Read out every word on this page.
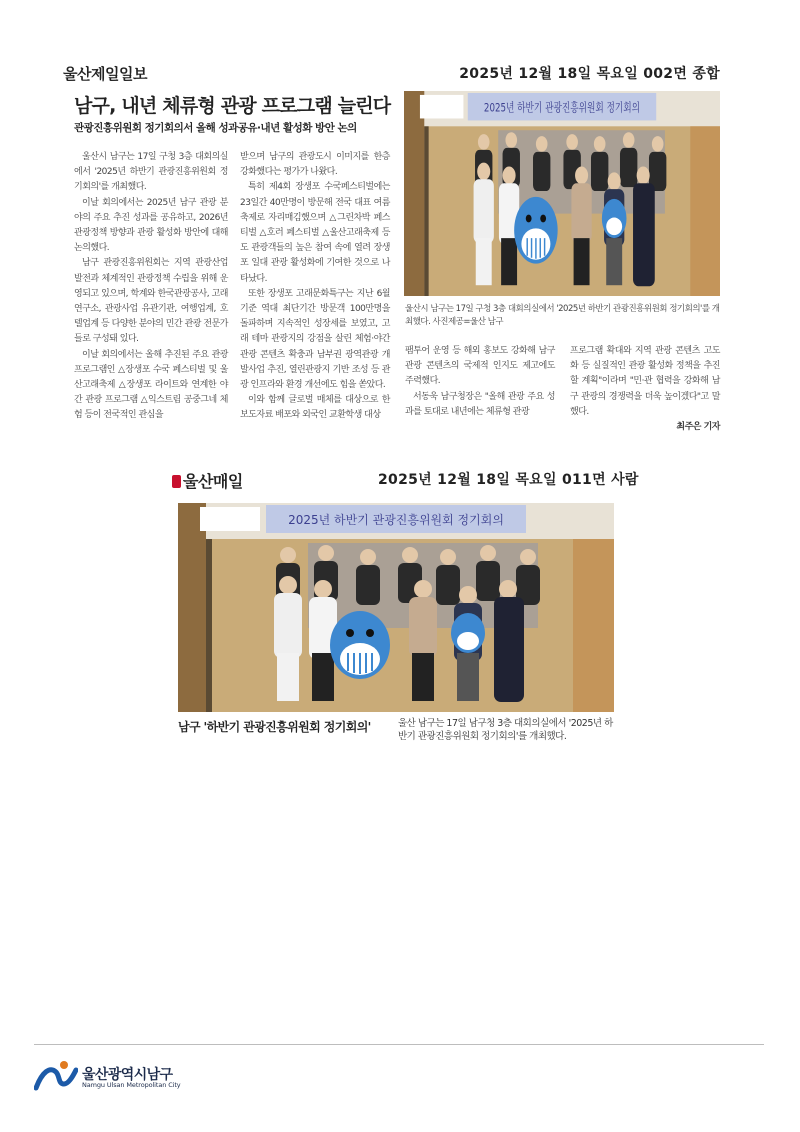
울산제일일보	2025년 12월 18일 목요일 002면 종합
남구, 내년 체류형 관광 프로그램 늘린다
관광진흥위원회 정기회의서 올해 성과공유·내년 활성화 방안 논의

울산시 남구는 17일 구청 3층 대회의실에서 '2025년 하반기 관광진흥위원회 정기회의'를 개최했다.

이날 회의에서는 2025년 남구 관광 분야의 주요 추진 성과를 공유하고, 2026년 관광정책 방향과 관광 활성화 방안에 대해 논의했다.

남구 관광진흥위원회는 지역 관광산업 발전과 체계적인 관광정책 수립을 위해 운영되고 있으며, 학계와 한국관광공사, 고래연구소, 관광사업 유관기관, 여행업계, 호텔업계 등 다양한 분야의 민간 관광 전문가들로 구성돼 있다.

이날 회의에서는 올해 추진된 주요 관광 프로그램인 △장생포 수국 페스티벌 및 울산고래축제 △장생포 라이트와 연계한 야간 관광 프로그램 △익스트림 공중그네 체험 등이 전국적인 관심을

받으며 남구의 관광도시 이미지를 한층 강화했다는 평가가 나왔다.

특히 제4회 장생포 수국페스티벌에는 23일간 40만명이 방문해 전국 대표 여름축제로 자리매김했으며 △그린차박 페스티벌 △호러 페스티벌 △울산고래축제 등도 관광객들의 높은 참여 속에 열려 장생포 일대 관광 활성화에 기여한 것으로 나타났다.

또한 장생포 고래문화특구는 지난 6월 기준 역대 최단기간 방문객 100만명을 돌파하며 지속적인 성장세를 보였고, 고래 테마 관광지의 강점을 살린 체험·야간관광 콘텐츠 확충과 남부권 광역관광 개발사업 추진, 열린관광지 기반 조성 등 관광 인프라와 환경 개선에도 힘을 쏟았다.

이와 함께 글로벌 매체를 대상으로 한 보도자료 배포와 외국인 교환학생 대상

2025년 하반기 관광진흥위원회 정기회의
울산시 남구는 17일 구청 3층 대회의실에서 '2025년 하반기 관광진흥위원회 정기회의'를 개최했다. 사진제공=울산 남구

팸투어 운영 등 해외 홍보도 강화해 남구 관광 콘텐츠의 국제적 인지도 제고에도 주력했다.

서동욱 남구청장은 "올해 관광 주요 성과를 토대로 내년에는 체류형 관광

프로그램 확대와 지역 관광 콘텐츠 고도화 등 실질적인 관광 활성화 정책을 추진할 계획"이라며 "민·관 협력을 강화해 남구 관광의 경쟁력을 더욱 높이겠다"고 말했다.

최주은 기자
울산매일	2025년 12월 18일 목요일 011면 사람
2025년 하반기 관광진흥위원회 정기회의
남구 '하반기 관광진흥위원회 정기회의'	울산 남구는 17일 남구청 3층 대회의실에서 '2025년 하반기 관광진흥위원회 정기회의'를 개최했다.
울산광역시남구
Namgu Ulsan Metropolitan City
